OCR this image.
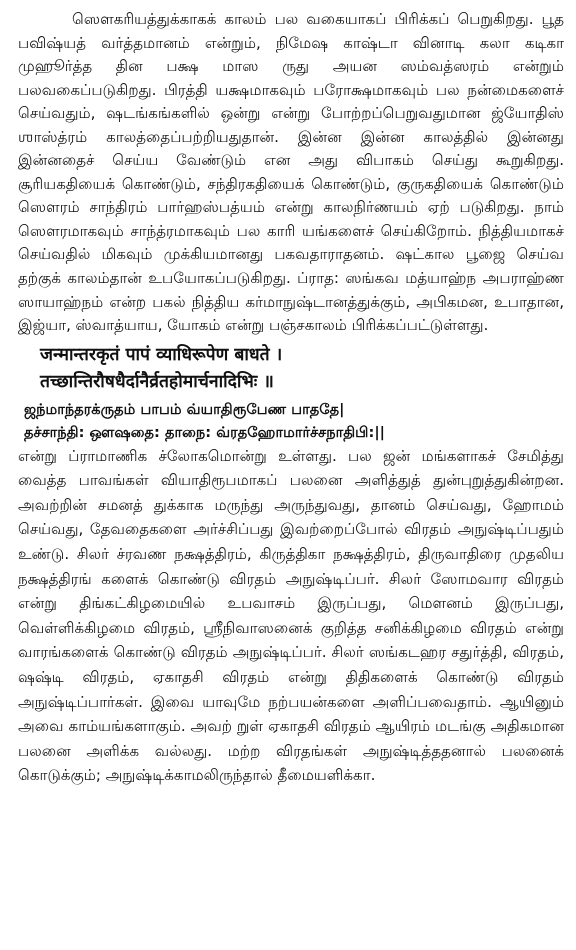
ஸௌகரியத்துக்காகக் காலம் பல வகையாகப் பிரிக்கப் பெறுகிறது. பூத பவிஷ்யத் வர்த்தமானம் என்றும், நிமேஷ காஷ்டா வினாடி கலா கடிகா முஹூர்த்த தின பக்ஷ மாஸ ருது அயன ஸம்வத்ஸரம் என்றும் பலவகைப்படுகிறது. பிரத்தி யக்ஷமாகவும் பரோக்ஷமாகவும் பல நன்மைகளைச் செய்வதும், ஷடங்கங்களில் ஒன்று என்று போற்றப்பெறுவதுமான ஜ்யோதிஸ் ஶாஸ்த்ரம் காலத்தைப்பற்றியதுதான். இன்ன இன்ன காலத்தில் இன்னது இன்னதைச் செய்ய வேண்டும் என அது விபாகம் செய்து கூறுகிறது. சூரியகதியைக் கொண்டும், சந்திரகதியைக் கொண்டும், குருகதியைக் கொண்டும் ஸௌரம் சாந்திரம் பார்ஹஸ்பத்யம் என்று காலநிர்ணயம் ஏற் படுகிறது. நாம் ஸௌரமாகவும் சாந்த்ரமாகவும் பல காரி யங்களைச் செய்கிறோம். நித்தியமாகச் செய்வதில் மிகவும் முக்கியமானது பகவதாராதனம். ஷட்கால பூஜை செய்வ தற்குக் காலம்தான் உபயோகப்படுகிறது. ப்ராத: ஸங்கவ மத்யாஹ்ந அபராஹ்ண ஸாயாஹ்நம் என்ற பகல் நித்திய கர்மாநுஷ்டானத்துக்கும், அபிகமன, உபாதான, இஜ்யா, ஸ்வாத்யாய, யோகம் என்று பஞ்சகாலம் பிரிக்கப்பட்டுள்ளது.

जन्मान्तरकृतं पापं व्याधिरूपेण बाधते ।
तच्छान्तिरौषधैर्दानैर्व्रतहोमार्चनादिभिः ॥
ஜந்மாந்தரக்ருதம் பாபம் வ்யாதிரூபேண பாததே|
தச்சாந்தி: ஔஷதை: தாநை: வ்ரதஹோமார்ச்சநாதிபி:||

என்று ப்ராமாணிக ச்லோகமொன்று உள்ளது. பல ஜன் மங்களாகச் சேமித்து வைத்த பாவங்கள் வியாதிரூபமாகப் பலனை அளித்துத் துன்புறுத்துகின்றன. அவற்றின் சமனத் துக்காக மருந்து அருந்துவது, தானம் செய்வது, ஹோமம் செய்வது, தேவதைகளை அர்ச்சிப்பது இவற்றைப்போல் விரதம் அநுஷ்டிப்பதும் உண்டு. சிலர் ச்ரவண நக்ஷத்திரம், கிருத்திகா நக்ஷத்திரம், திருவாதிரை முதலிய நக்ஷத்திரங் களைக் கொண்டு விரதம் அநுஷ்டிப்பர். சிலர் ஸோமவார விரதம் என்று திங்கட்கிழமையில் உபவாசம் இருப்பது, மௌனம் இருப்பது, வெள்ளிக்கிழமை விரதம், ஸ்ரீநிவாஸனைக் குறித்த சனிக்கிழமை விரதம் என்று வாரங்களைக் கொண்டு விரதம் அநுஷ்டிப்பர். சிலர் ஸங்கடஹர சதுர்த்தி, விரதம், ஷஷ்டி விரதம், ஏகாதசி விரதம் என்று திதிகளைக் கொண்டு விரதம் அநுஷ்டிப்பார்கள். இவை யாவுமே நற்பயன்களை அளிப்பவைதாம். ஆயினும் அவை காம்யங்களாகும். அவற் றுள் ஏகாதசி விரதம் ஆயிரம் மடங்கு அதிகமான பலனை அளிக்க வல்லது. மற்ற விரதங்கள் அநுஷ்டித்ததனால் பலனைக் கொடுக்கும்; அநுஷ்டிக்காமலிருந்தால் தீமையளிக்கா.
